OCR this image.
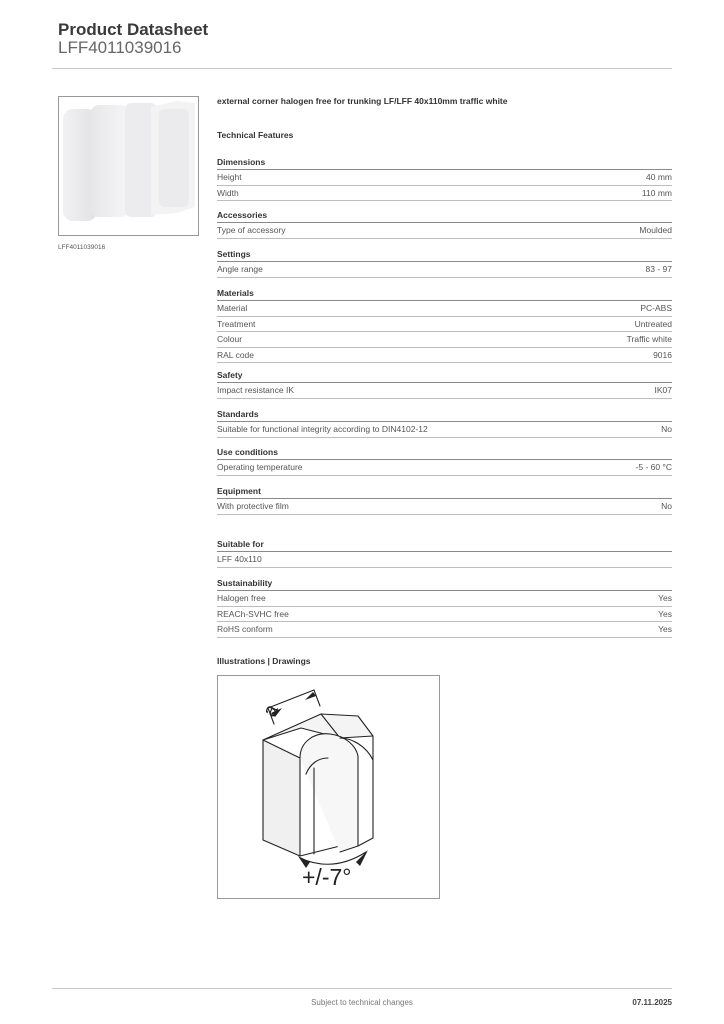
Product Datasheet
LFF4011039016
LFF4011039016
external corner halogen free for trunking LF/LFF 40x110mm traffic white
Technical Features
Dimensions
Height	40 mm
Width	110 mm
Accessories
Type of accessory	Moulded
Settings
Angle range	83 - 97
Materials
Material	PC-ABS
Treatment	Untreated
Colour	Traffic white
RAL code	9016
Safety
Impact resistance IK	IK07
Standards
Suitable for functional integrity according to DIN4102-12	No
Use conditions
Operating temperature	-5 - 60 °C
Equipment
With protective film	No
Suitable for
LFF 40x110
Sustainability
Halogen free	Yes
REACh-SVHC free	Yes
RoHS conform	Yes
Illustrations | Drawings
a
+/-7°
Subject to technical changes	07.11.2025
